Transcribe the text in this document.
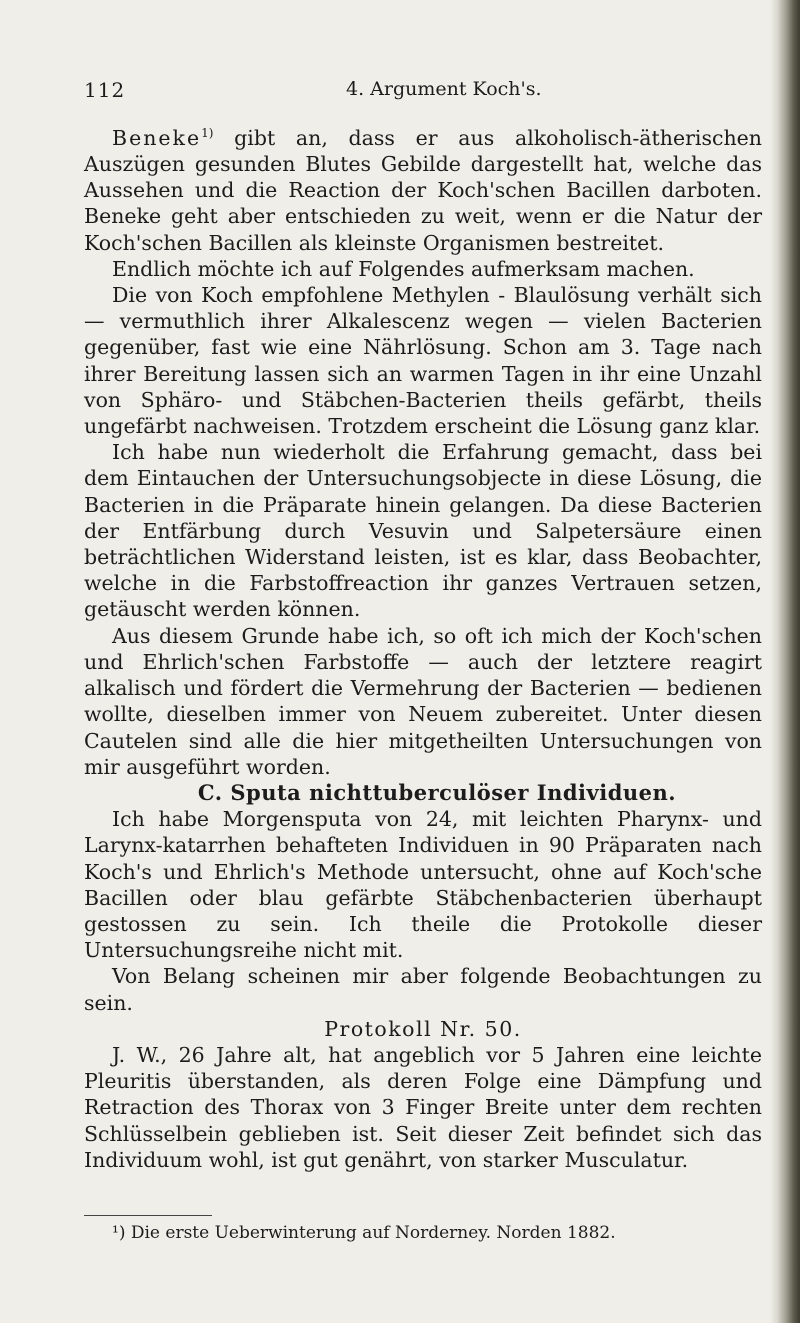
112	4. Argument Koch's.

Beneke$^{1)}$ gibt an, dass er aus alkoholisch-ätherischen Auszügen gesunden Blutes Gebilde dargestellt hat, welche das Aussehen und die Reaction der Koch'schen Bacillen darboten. Beneke geht aber entschieden zu weit, wenn er die Natur der Koch'schen Bacillen als kleinste Organismen bestreitet.

Endlich möchte ich auf Folgendes aufmerksam machen.

Die von Koch empfohlene Methylen - Blaulösung verhält sich — vermuthlich ihrer Alkalescenz wegen — vielen Bacterien gegenüber, fast wie eine Nährlösung. Schon am 3. Tage nach ihrer Bereitung lassen sich an warmen Tagen in ihr eine Unzahl von Sphäro- und Stäbchen-Bacterien theils gefärbt, theils ungefärbt nachweisen. Trotzdem erscheint die Lösung ganz klar.

Ich habe nun wiederholt die Erfahrung gemacht, dass bei dem Eintauchen der Untersuchungsobjecte in diese Lösung, die Bacterien in die Präparate hinein gelangen. Da diese Bacterien der Entfärbung durch Vesuvin und Salpetersäure einen beträchtlichen Widerstand leisten, ist es klar, dass Beobachter, welche in die Farbstoffreaction ihr ganzes Vertrauen setzen, getäuscht werden können.

Aus diesem Grunde habe ich, so oft ich mich der Koch'schen und Ehrlich'schen Farbstoffe — auch der letztere reagirt alkalisch und fördert die Vermehrung der Bacterien — bedienen wollte, dieselben immer von Neuem zubereitet. Unter diesen Cautelen sind alle die hier mitgetheilten Untersuchungen von mir ausgeführt worden.

C. Sputa nichttuberculöser Individuen.

Ich habe Morgensputa von 24, mit leichten Pharynx- und Larynx-katarrhen behafteten Individuen in 90 Präparaten nach Koch's und Ehrlich's Methode untersucht, ohne auf Koch'sche Bacillen oder blau gefärbte Stäbchenbacterien überhaupt gestossen zu sein. Ich theile die Protokolle dieser Untersuchungsreihe nicht mit.

Von Belang scheinen mir aber folgende Beobachtungen zu sein.

Protokoll Nr. 50.

J. W., 26 Jahre alt, hat angeblich vor 5 Jahren eine leichte Pleuritis überstanden, als deren Folge eine Dämpfung und Retraction des Thorax von 3 Finger Breite unter dem rechten Schlüsselbein geblieben ist. Seit dieser Zeit befindet sich das Individuum wohl, ist gut genährt, von starker Musculatur.

¹) Die erste Ueberwinterung auf Norderney. Norden 1882.
